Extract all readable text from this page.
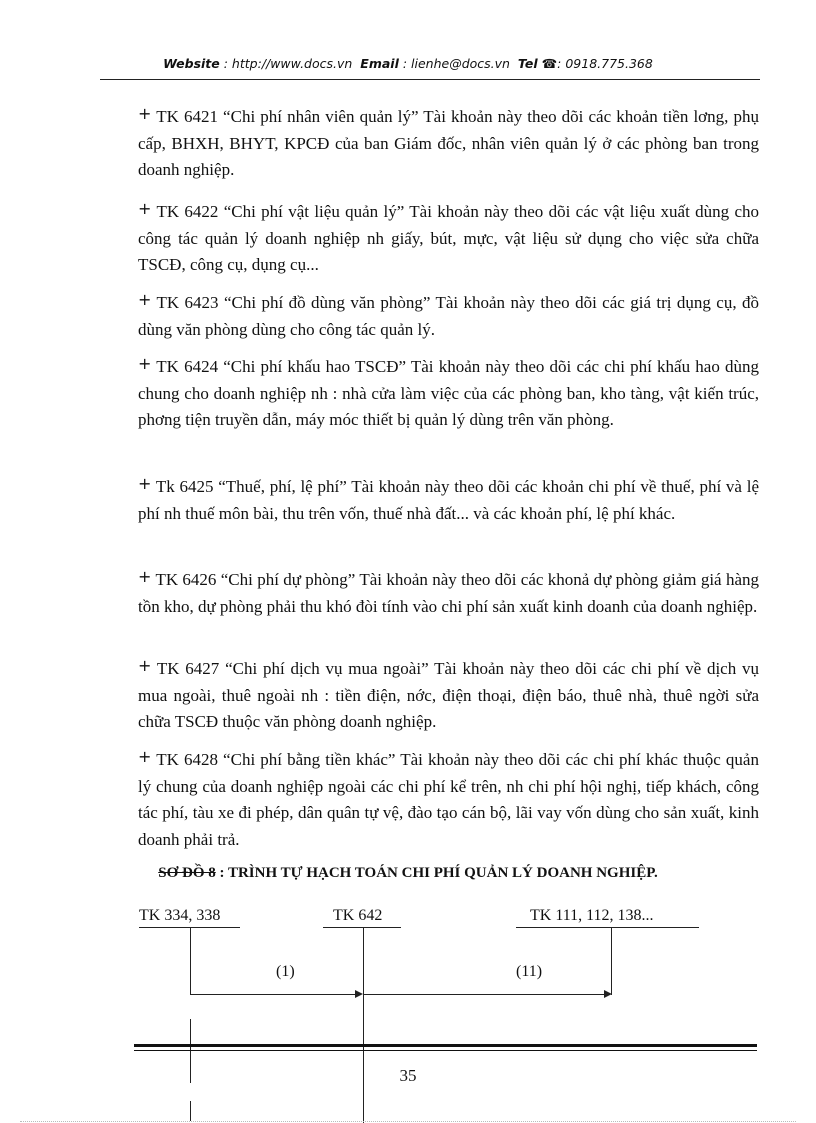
Website : http://www.docs.vn Email : lienhe@docs.vn Tel ☎: 0918.775.368
+ TK 6421 “Chi phí nhân viên quản lý” Tài khoản này theo dõi các khoản tiền lơng, phụ cấp, BHXH, BHYT, KPCĐ của ban Giám đốc, nhân viên quản lý ở các phòng ban trong doanh nghiệp.
+ TK 6422 “Chi phí vật liệu quản lý” Tài khoản này theo dõi các vật liệu xuất dùng cho công tác quản lý doanh nghiệp nh giấy, bút, mực, vật liệu sử dụng cho việc sửa chữa TSCĐ, công cụ, dụng cụ...
+ TK 6423 “Chi phí đồ dùng văn phòng” Tài khoản này theo dõi các giá trị dụng cụ, đồ dùng văn phòng dùng cho công tác quản lý.
+ TK 6424 “Chi phí khấu hao TSCĐ” Tài khoản này theo dõi các chi phí khấu hao dùng chung cho doanh nghiệp nh : nhà cửa làm việc của các phòng ban, kho tàng, vật kiến trúc, phơng tiện truyền dẫn, máy móc thiết bị quản lý dùng trên văn phòng.
+ Tk 6425 “Thuế, phí, lệ phí” Tài khoản này theo dõi các khoản chi phí về thuế, phí và lệ phí nh thuế môn bài, thu trên vốn, thuế nhà đất... và các khoản phí, lệ phí khác.
+ TK 6426 “Chi phí dự phòng” Tài khoản này theo dõi các khonả dự phòng giảm giá hàng tồn kho, dự phòng phải thu khó đòi tính vào chi phí sản xuất kinh doanh của doanh nghiệp.
+ TK 6427 “Chi phí dịch vụ mua ngoài” Tài khoản này theo dõi các chi phí về dịch vụ mua ngoài, thuê ngoài nh : tiền điện, nớc, điện thoại, điện báo, thuê nhà, thuê ngời sửa chữa TSCĐ thuộc văn phòng doanh nghiệp.
+ TK 6428 “Chi phí bằng tiền khác” Tài khoản này theo dõi các chi phí khác thuộc quản lý chung của doanh nghiệp ngoài các chi phí kể trên, nh chi phí hội nghị, tiếp khách, công tác phí, tàu xe đi phép, dân quân tự vệ, đào tạo cán bộ, lãi vay vốn dùng cho sản xuất, kinh doanh phải trả.
SƠ ĐỒ 8 : TRÌNH TỰ HẠCH TOÁN CHI PHÍ QUẢN LÝ DOANH NGHIỆP.
TK 334, 338	TK 642	TK 111, 112, 138...
(1)	(11)
35
